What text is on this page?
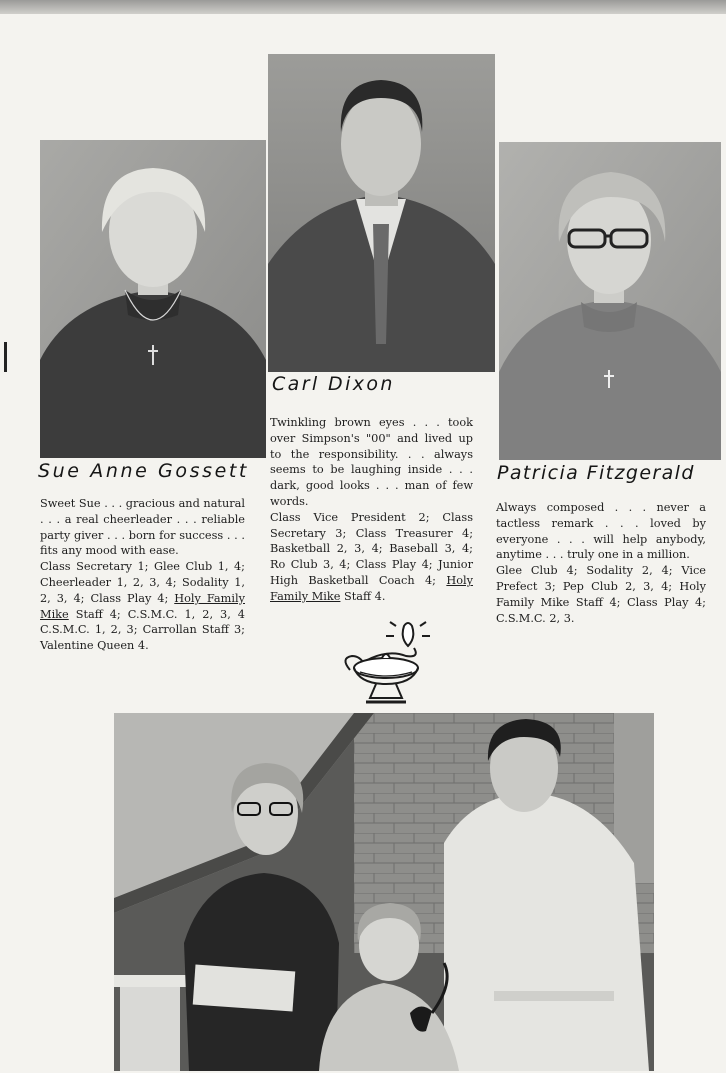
Sue Anne Gossett
Carl Dixon
Patricia Fitzgerald

Sweet Sue . . . gracious and natural . . . a real cheerleader . . . reliable party giver . . . born for success . . . fits any mood with ease.

Class Secretary 1; Glee Club 1, 4; Cheerleader 1, 2, 3, 4; Sodality 1, 2, 3, 4; Class Play 4; Holy Family Mike Staff 4; C.S.M.C. 1, 2, 3, 4 C.S.M.C. 1, 2, 3; Carrollan Staff 3; Valentine Queen 4.

Twinkling brown eyes . . . took over Simpson's "00" and lived up to the responsibility. . . always seems to be laughing inside . . . dark, good looks . . . man of few words.

Class Vice President 2; Class Secretary 3; Class Treasurer 4; Basketball 2, 3, 4; Baseball 3, 4; Ro Club 3, 4; Class Play 4; Junior High Basketball Coach 4; Holy Family Mike Staff 4.

Always composed . . . never a tactless remark . . . loved by everyone . . . will help anybody, anytime . . . truly one in a million.

Glee Club 4; Sodality 2, 4; Vice Prefect 3; Pep Club 2, 3, 4; Holy Family Mike Staff 4; Class Play 4; C.S.M.C. 2, 3.
